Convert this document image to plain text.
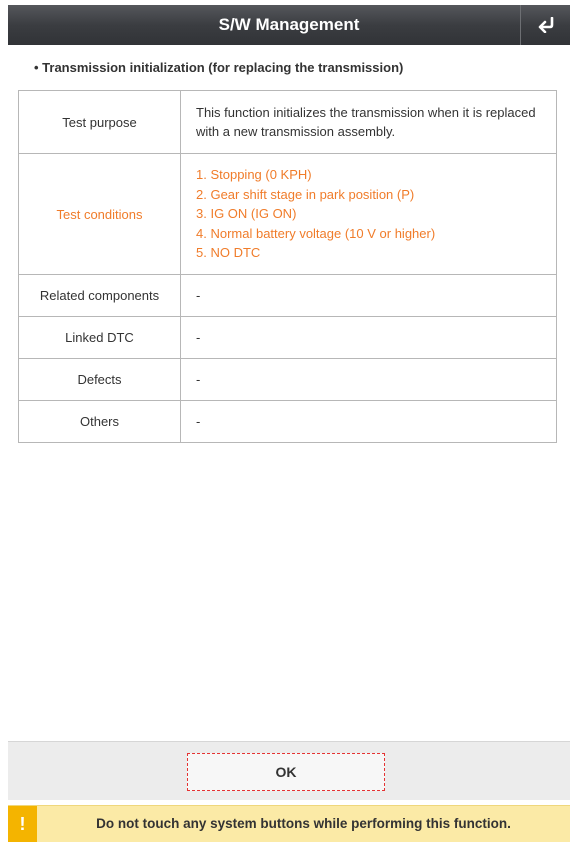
S/W Management
• Transmission initialization (for replacing the transmission)
Test purpose	This function initializes the transmission when it is replaced with a new transmission assembly.
Test conditions	1. Stopping (0 KPH)
2. Gear shift stage in park position (P)
3. IG ON (IG ON)
4. Normal battery voltage (10 V or higher)
5. NO DTC

Related components	-
Linked DTC	-
Defects	-
Others	-
OK
!	Do not touch any system buttons while performing this function.
